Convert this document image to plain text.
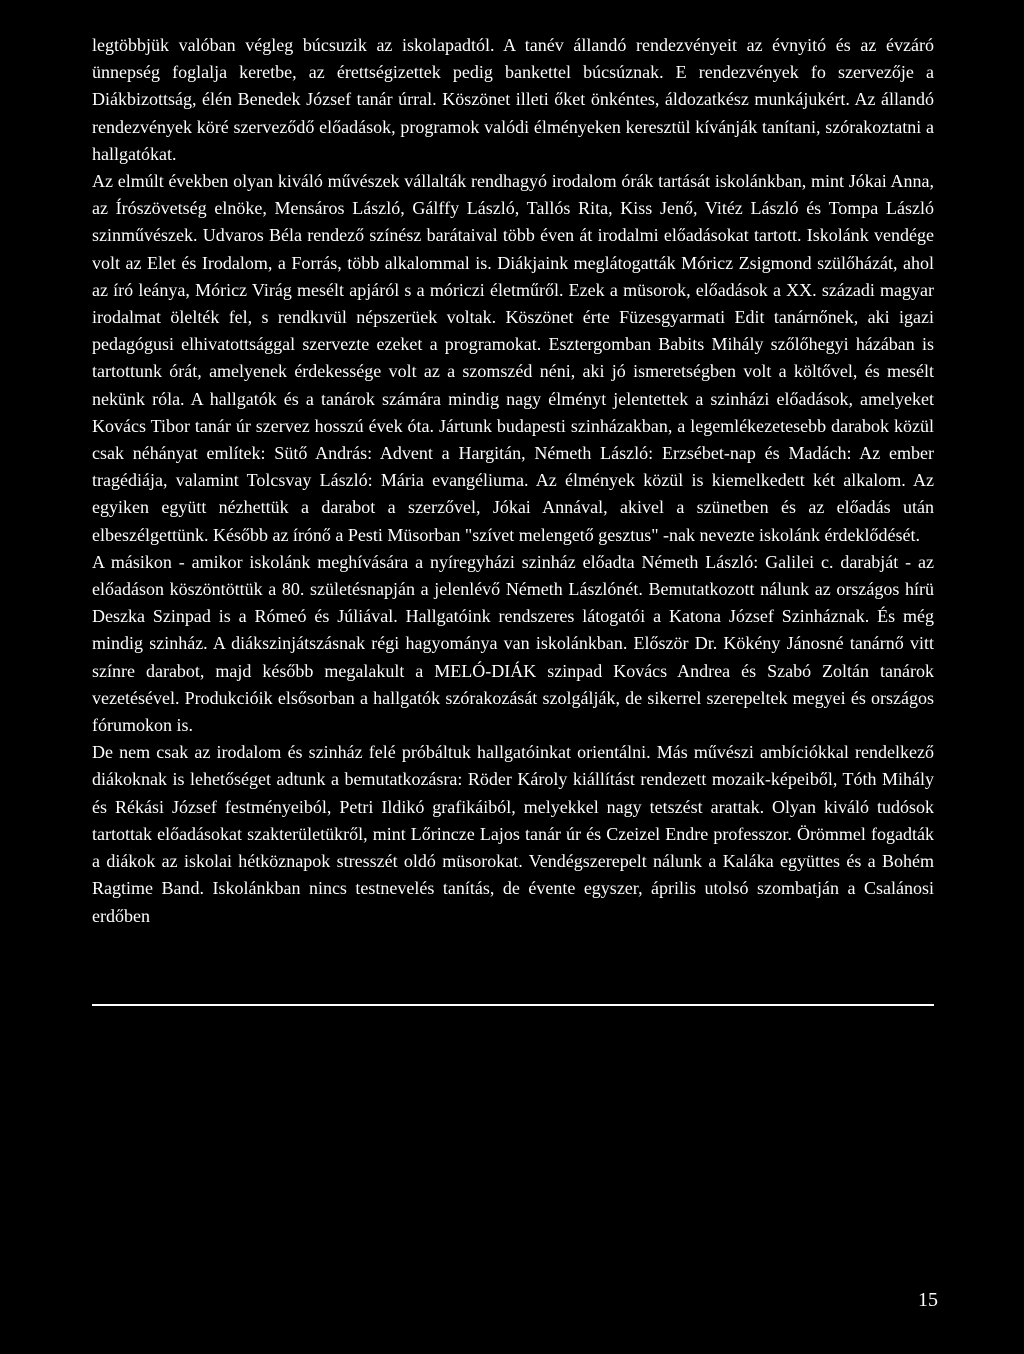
legtöbbjük valóban végleg búcsuzik az iskolapadtól. A tanév állandó rendezvényeit az évnyitó és az évzáró ünnepség foglalja keretbe, az érettségizettek pedig bankettel búcsúznak. E rendezvények fo szervezője a Diákbizottság, élén Benedek József tanár úrral. Köszönet illeti őket önkéntes, áldozatkész munkájukért. Az állandó rendezvények köré szerveződő előadások, programok valódi élményeken keresztül kívánják tanítani, szórakoztatni a hallgatókat.

Az elmúlt években olyan kiváló művészek vállalták rendhagyó irodalom órák tartását iskolánkban, mint Jókai Anna, az Írószövetség elnöke, Mensáros László, Gálffy László, Tallós Rita, Kiss Jenő, Vitéz László és Tompa László szinművészek. Udvaros Béla rendező színész barátaival több éven át irodalmi előadásokat tartott. Iskolánk vendége volt az Elet és Irodalom, a Forrás, több alkalommal is. Diákjaink meglátogatták Móricz Zsigmond szülőházát, ahol az író leánya, Móricz Virág mesélt apjáról s a móriczi életműről. Ezek a müsorok, előadások a XX. századi magyar irodalmat ölelték fel, s rendkıvül népszerüek voltak. Köszönet érte Füzesgyarmati Edit tanárnőnek, aki igazi pedagógusi elhivatottsággal szervezte ezeket a programokat. Esztergomban Babits Mihály szőlőhegyi házában is tartottunk órát, amelyenek érdekessége volt az a szomszéd néni, aki jó ismeretségben volt a költővel, és mesélt nekünk róla. A hallgatók és a tanárok számára mindig nagy élményt jelentettek a szinházi előadások, amelyeket Kovács Tibor tanár úr szervez hosszú évek óta. Jártunk budapesti szinházakban, a legemlékezetesebb darabok közül csak néhányat említek: Sütő András: Advent a Hargitán, Németh László: Erzsébet-nap és Madách: Az ember tragédiája, valamint Tolcsvay László: Mária evangéliuma. Az élmények közül is kiemelkedett két alkalom. Az egyiken együtt nézhettük a darabot a szerzővel, Jókai Annával, akivel a szünetben és az előadás után elbeszélgettünk. Később az írónő a Pesti Müsorban "szívet melengető gesztus" -nak nevezte iskolánk érdeklődését.

A másikon - amikor iskolánk meghívására a nyíregyházi szinház előadta Németh László: Galilei c. darabját - az előadáson köszöntöttük a 80. születésnapján a jelenlévő Németh Lászlónét. Bemutatkozott nálunk az országos hírü Deszka Szinpad is a Rómeó és Júliával. Hallgatóink rendszeres látogatói a Katona József Szinháznak. És még mindig szinház. A diákszinjátszásnak régi hagyománya van iskolánkban. Először Dr. Kökény Jánosné tanárnő vitt színre darabot, majd később megalakult a MELÓ-DIÁK szinpad Kovács Andrea és Szabó Zoltán tanárok vezetésével. Produkcióik elsősorban a hallgatók szórakozását szolgálják, de sikerrel szerepeltek megyei és országos fórumokon is.

De nem csak az irodalom és szinház felé próbáltuk hallgatóinkat orientálni. Más művészi ambíciókkal rendelkező diákoknak is lehetőséget adtunk a bemutatkozásra: Röder Károly kiállítást rendezett mozaik-képeiből, Tóth Mihály és Rékási József festményeiból, Petri Ildikó grafikáiból, melyekkel nagy tetszést arattak. Olyan kiváló tudósok tartottak előadásokat szakterületükről, mint Lőrincze Lajos tanár úr és Czeizel Endre professzor. Örömmel fogadták a diákok az iskolai hétköznapok stresszét oldó müsorokat. Vendégszerepelt nálunk a Kaláka együttes és a Bohém Ragtime Band. Iskolánkban nincs testnevelés tanítás, de évente egyszer, április utolsó szombatján a Csalánosi erdőben

15
